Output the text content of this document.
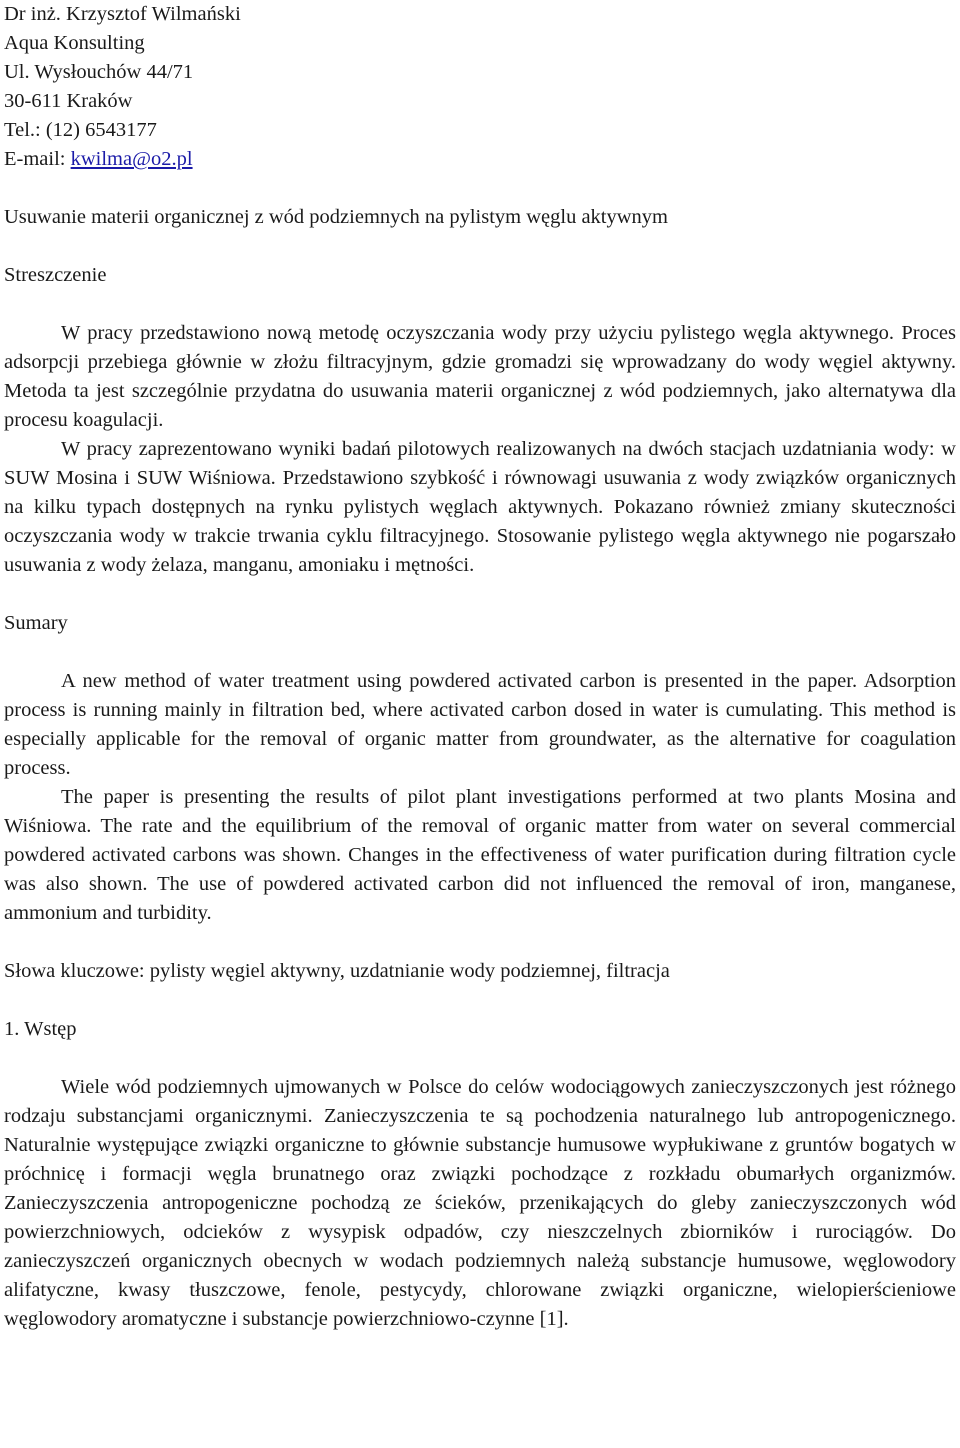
Dr inż. Krzysztof Wilmański
Aqua Konsulting
Ul. Wysłouchów 44/71
30-611 Kraków
Tel.: (12) 6543177
E-mail: kwilma@o2.pl
Usuwanie materii organicznej z wód podziemnych na pylistym węglu aktywnym
Streszczenie

W pracy przedstawiono nową metodę oczyszczania wody przy użyciu pylistego węgla aktywnego. Proces adsorpcji przebiega głównie w złożu filtracyjnym, gdzie gromadzi się wprowadzany do wody węgiel aktywny. Metoda ta jest szczególnie przydatna do usuwania materii organicznej z wód podziemnych, jako alternatywa dla procesu koagulacji.

W pracy zaprezentowano wyniki badań pilotowych realizowanych na dwóch stacjach uzdatniania wody: w SUW Mosina i SUW Wiśniowa. Przedstawiono szybkość i równowagi usuwania z wody związków organicznych na kilku typach dostępnych na rynku pylistych węglach aktywnych. Pokazano również zmiany skuteczności oczyszczania wody w trakcie trwania cyklu filtracyjnego. Stosowanie pylistego węgla aktywnego nie pogarszało usuwania z wody żelaza, manganu, amoniaku i mętności.

Sumary

A new method of water treatment using powdered activated carbon is presented in the paper. Adsorption process is running mainly in filtration bed, where activated carbon dosed in water is cumulating. This method is especially applicable for the removal of organic matter from groundwater, as the alternative for coagulation process.

The paper is presenting the results of pilot plant investigations performed at two plants Mosina and Wiśniowa. The rate and the equilibrium of the removal of organic matter from water on several commercial powdered activated carbons was shown. Changes in the effectiveness of water purification during filtration cycle was also shown. The use of powdered activated carbon did not influenced the removal of iron, manganese, ammonium and turbidity.

Słowa kluczowe: pylisty węgiel aktywny, uzdatnianie wody podziemnej, filtracja
1. Wstęp

Wiele wód podziemnych ujmowanych w Polsce do celów wodociągowych zanieczyszczonych jest różnego rodzaju substancjami organicznymi. Zanieczyszczenia te są pochodzenia naturalnego lub antropogenicznego. Naturalnie występujące związki organiczne to głównie substancje humusowe wypłukiwane z gruntów bogatych w próchnicę i formacji węgla brunatnego oraz związki pochodzące z rozkładu obumarłych organizmów. Zanieczyszczenia antropogeniczne pochodzą ze ścieków, przenikających do gleby zanieczyszczonych wód powierzchniowych, odcieków z wysypisk odpadów, czy nieszczelnych zbiorników i rurociągów. Do zanieczyszczeń organicznych obecnych w wodach podziemnych należą substancje humusowe, węglowodory alifatyczne, kwasy tłuszczowe, fenole, pestycydy, chlorowane związki organiczne, wielopierścieniowe węglowodory aromatyczne i substancje powierzchniowo-czynne [1].
